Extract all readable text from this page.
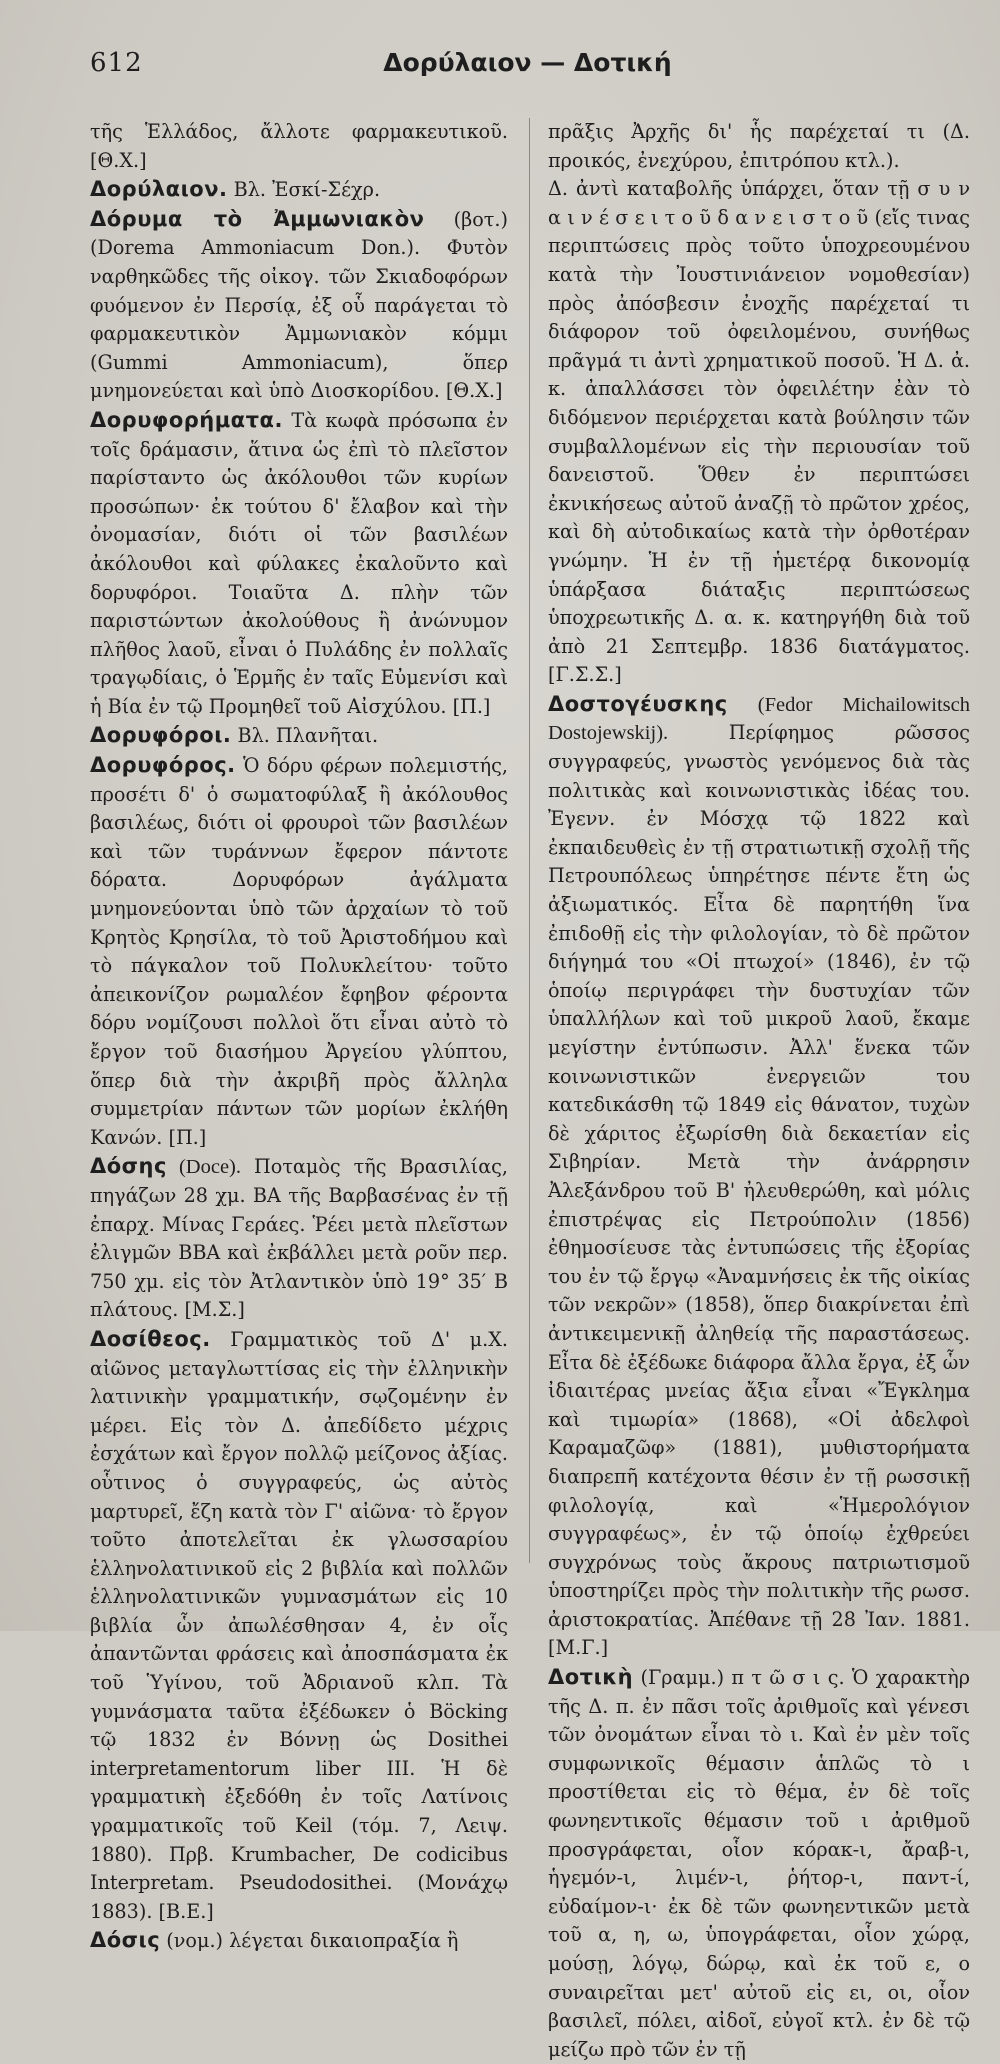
612	Δορύλαιον — Δοτική

τῆς Ἑλλάδος, ἄλλοτε φαρμακευτικοῦ. [Θ.Χ.]

Δορύλαιον. Βλ. Ἐσκί-Σέχρ.

Δόρυμα τὸ Ἀμμωνιακὸν (βοτ.) (Dorema Ammoniacum Don.). Φυτὸν ναρθηκῶδες τῆς οἰκογ. τῶν Σκιαδοφόρων φυόμενον ἐν Περσίᾳ, ἐξ οὗ παράγεται τὸ φαρμακευτικὸν Ἀμμωνιακὸν κόμμι (Gummi Ammoniacum), ὅπερ μνημονεύεται καὶ ὑπὸ Διοσκορίδου. [Θ.Χ.]

Δορυφορήματα. Τὰ κωφὰ πρόσωπα ἐν τοῖς δράμασιν, ἅτινα ὡς ἐπὶ τὸ πλεῖστον παρίσταντο ὡς ἀκόλουθοι τῶν κυρίων προσώπων· ἐκ τούτου δ' ἔλαβον καὶ τὴν ὀνομασίαν, διότι οἱ τῶν βασιλέων ἀκόλουθοι καὶ φύλακες ἐκαλοῦντο καὶ δορυφόροι. Τοιαῦτα Δ. πλὴν τῶν παριστώντων ἀκολούθους ἢ ἀνώνυμον πλῆθος λαοῦ, εἶναι ὁ Πυλάδης ἐν πολλαῖς τραγῳδίαις, ὁ Ἑρμῆς ἐν ταῖς Εὐμενίσι καὶ ἡ Βία ἐν τῷ Προμηθεῖ τοῦ Αἰσχύλου. [Π.]

Δορυφόροι. Βλ. Πλανῆται.

Δορυφόρος. Ὁ δόρυ φέρων πολεμιστής, προσέτι δ' ὁ σωματοφύλαξ ἢ ἀκόλουθος βασιλέως, διότι οἱ φρουροὶ τῶν βασιλέων καὶ τῶν τυράννων ἔφερον πάντοτε δόρατα. Δορυφόρων ἀγάλματα μνημονεύονται ὑπὸ τῶν ἀρχαίων τὸ τοῦ Κρητὸς Κρησίλα, τὸ τοῦ Ἀριστοδήμου καὶ τὸ πάγκαλον τοῦ Πολυκλείτου· τοῦτο ἀπεικονίζον ρωμαλέον ἔφηβον φέροντα δόρυ νομίζουσι πολλοὶ ὅτι εἶναι αὐτὸ τὸ ἔργον τοῦ διασήμου Ἀργείου γλύπτου, ὅπερ διὰ τὴν ἀκριβῆ πρὸς ἄλληλα συμμετρίαν πάντων τῶν μορίων ἐκλήθη Κανών. [Π.]

Δόσης (Doce). Ποταμὸς τῆς Βρασιλίας, πηγάζων 28 χμ. ΒΑ τῆς Βαρβασένας ἐν τῇ ἐπαρχ. Μίνας Γεράες. Ῥέει μετὰ πλεῖστων ἐλιγμῶν ΒΒΑ καὶ ἐκβάλλει μετὰ ροῦν περ. 750 χμ. εἰς τὸν Ἀτλαντικὸν ὑπὸ 19° 35′ Β πλάτους. [Μ.Σ.]

Δοσίθεος. Γραμματικὸς τοῦ Δ' μ.Χ. αἰῶνος μεταγλωττίσας εἰς τὴν ἑλληνικὴν λατινικὴν γραμματικήν, σῳζομένην ἐν μέρει. Εἰς τὸν Δ. ἀπεδίδετο μέχρις ἐσχάτων καὶ ἔργον πολλῷ μείζονος ἀξίας. οὗτινος ὁ συγγραφεύς, ὡς αὐτὸς μαρτυρεῖ, ἔζη κατὰ τὸν Γ' αἰῶνα· τὸ ἔργον τοῦτο ἀποτελεῖται ἐκ γλωσσαρίου ἑλληνολατινικοῦ εἰς 2 βιβλία καὶ πολλῶν ἑλληνολατινικῶν γυμνασμάτων εἰς 10 βιβλία ὧν ἀπωλέσθησαν 4, ἐν οἷς ἀπαντῶνται φράσεις καὶ ἀποσπάσματα ἐκ τοῦ Ὑγίνου, τοῦ Ἀδριανοῦ κλπ. Τὰ γυμνάσματα ταῦτα ἐξέδωκεν ὁ Böcking τῷ 1832 ἐν Βόννῃ ὡς Dosithei interpretamentorum liber III. Ἡ δὲ γραμματικὴ ἐξεδόθη ἐν τοῖς Λατίνοις γραμματικοῖς τοῦ Keil (τόμ. 7, Λειψ. 1880). Πρβ. Krumbacher, De codicibus Interpretam. Pseudodosithei. (Μονάχῳ 1883). [Β.Ε.]

Δόσις (νομ.) λέγεται δικαιοπραξία ἢ

πρᾶξις Ἀρχῆς δι' ἧς παρέχεταί τι (Δ. προικός, ἐνεχύρου, ἐπιτρόπου κτλ.).

Δ. ἀντὶ καταβολῆς ὑπάρχει, ὅταν τῇ σ υ ν α ι ν έ σ ε ι τ ο ῦ δ α ν ε ι σ τ ο ῦ (εἴς τινας περιπτώσεις πρὸς τοῦτο ὑποχρεουμένου κατὰ τὴν Ἰουστινιάνειον νομοθεσίαν) πρὸς ἀπόσβεσιν ἐνοχῆς παρέχεταί τι διάφορον τοῦ ὀφειλομένου, συνήθως πρᾶγμά τι ἀντὶ χρηματικοῦ ποσοῦ. Ἡ Δ. ἀ. κ. ἀπαλλάσσει τὸν ὀφειλέτην ἐὰν τὸ διδόμενον περιέρχεται κατὰ βούλησιν τῶν συμβαλλομένων εἰς τὴν περιουσίαν τοῦ δανειστοῦ. Ὅθεν ἐν περιπτώσει ἐκνικήσεως αὐτοῦ ἀναζῇ τὸ πρῶτον χρέος, καὶ δὴ αὐτοδικαίως κατὰ τὴν ὀρθοτέραν γνώμην. Ἡ ἐν τῇ ἡμετέρᾳ δικονομίᾳ ὑπάρξασα διάταξις περιπτώσεως ὑποχρεωτικῆς Δ. α. κ. κατηργήθη διὰ τοῦ ἀπὸ 21 Σεπτεμβρ. 1836 διατάγματος. [Γ.Σ.Σ.]

Δοστογέυσκης (Fedor Michailowitsch Dostojewskij). Περίφημος ρῶσσος συγγραφεύς, γνωστὸς γενόμενος διὰ τὰς πολιτικὰς καὶ κοινωνιστικὰς ἰδέας του. Ἐγενν. ἐν Μόσχᾳ τῷ 1822 καὶ ἐκπαιδευθεὶς ἐν τῇ στρατιωτικῇ σχολῇ τῆς Πετρουπόλεως ὑπηρέτησε πέντε ἔτη ὡς ἀξιωματικός. Εἶτα δὲ παρητήθη ἵνα ἐπιδοθῇ εἰς τὴν φιλολογίαν, τὸ δὲ πρῶτον διήγημά του «Οἱ πτωχοί» (1846), ἐν τῷ ὁποίῳ περιγράφει τὴν δυστυχίαν τῶν ὑπαλλήλων καὶ τοῦ μικροῦ λαοῦ, ἔκαμε μεγίστην ἐντύπωσιν. Ἀλλ' ἕνεκα τῶν κοινωνιστικῶν ἐνεργειῶν του κατεδικάσθη τῷ 1849 εἰς θάνατον, τυχὼν δὲ χάριτος ἐξωρίσθη διὰ δεκαετίαν εἰς Σιβηρίαν. Μετὰ τὴν ἀνάρρησιν Ἀλεξάνδρου τοῦ Β' ἠλευθερώθη, καὶ μόλις ἐπιστρέψας εἰς Πετρούπολιν (1856) ἐθημοσίευσε τὰς ἐντυπώσεις τῆς ἐξορίας του ἐν τῷ ἔργῳ «Ἀναμνήσεις ἐκ τῆς οἰκίας τῶν νεκρῶν» (1858), ὅπερ διακρίνεται ἐπὶ ἀντικειμενικῇ ἀληθείᾳ τῆς παραστάσεως. Εἶτα δὲ ἐξέδωκε διάφορα ἄλλα ἔργα, ἐξ ὧν ἰδιαιτέρας μνείας ἄξια εἶναι «Ἔγκλημα καὶ τιμωρία» (1868), «Οἱ ἀδελφοὶ Καραμαζῶφ» (1881), μυθιστορήματα διαπρεπῆ κατέχοντα θέσιν ἐν τῇ ρωσσικῇ φιλολογίᾳ, καὶ «Ἡμερολόγιον συγγραφέως», ἐν τῷ ὁποίῳ ἐχθρεύει συγχρόνως τοὺς ἄκρους πατριωτισμοῦ ὑποστηρίζει πρὸς τὴν πολιτικὴν τῆς ρωσσ. ἀριστοκρατίας. Ἀπέθανε τῇ 28 Ἰαν. 1881. [Μ.Γ.]

Δοτικὴ (Γραμμ.) π τ ῶ σ ι ς. Ὁ χαρακτὴρ τῆς Δ. π. ἐν πᾶσι τοῖς ἀριθμοῖς καὶ γένεσι τῶν ὀνομάτων εἶναι τὸ ι. Καὶ ἐν μὲν τοῖς συμφωνικοῖς θέμασιν ἁπλῶς τὸ ι προστίθεται εἰς τὸ θέμα, ἐν δὲ τοῖς φωνηεντικοῖς θέμασιν τοῦ ι ἀριθμοῦ προσγράφεται, οἷον κόρακ-ι, ἄραβ-ι, ἡγεμόν-ι, λιμέν-ι, ῥήτορ-ι, παντ-ί, εὐδαίμον-ι· ἐκ δὲ τῶν φωνηεντικῶν μετὰ τοῦ α, η, ω, ὑπογράφεται, οἷον χώρᾳ, μούσῃ, λόγῳ, δώρῳ, καὶ ἐκ τοῦ ε, ο συναιρεῖται μετ' αὐτοῦ εἰς ει, οι, οἷον βασιλεῖ, πόλει, αἰδοῖ, εὐγοῖ κτλ. ἐν δὲ τῷ μείζω πρὸ τῶν ἐν τῇ
